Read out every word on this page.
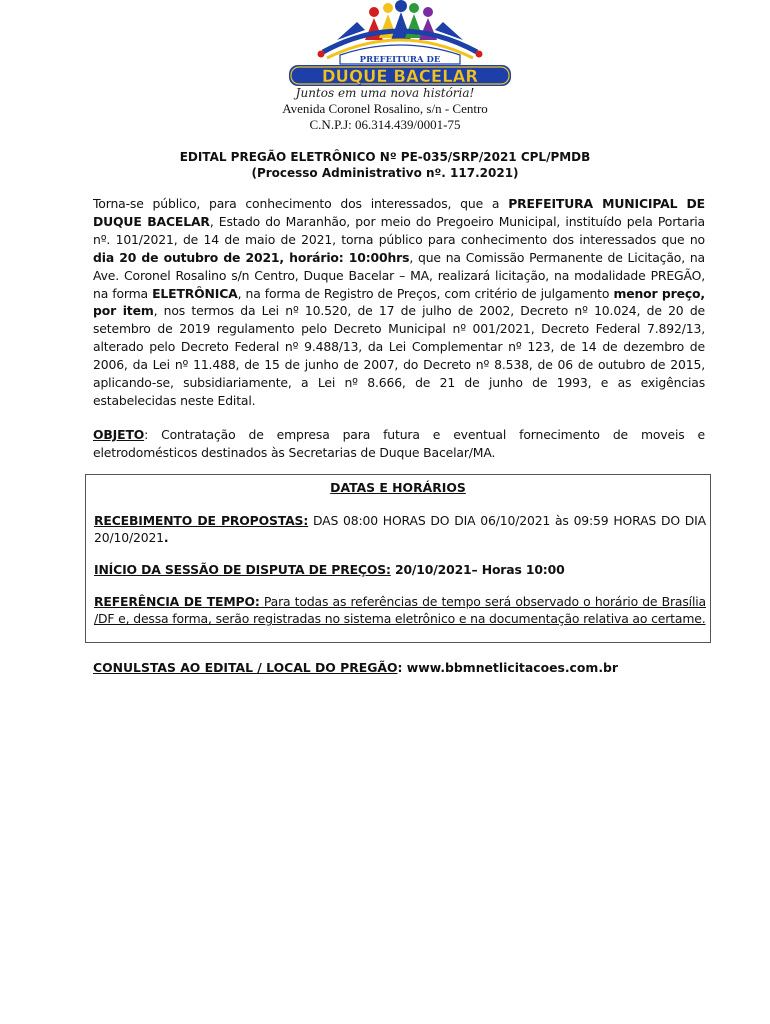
PREFEITURA DE
DUQUE BACELAR
Juntos em uma nova história!
Avenida Coronel Rosalino, s/n - Centro
C.N.P.J: 06.314.439/0001-75
EDITAL PREGÃO ELETRÔNICO Nº PE-035/SRP/2021 CPL/PMDB
(Processo Administrativo nº. 117.2021)
Torna-se público, para conhecimento dos interessados, que a PREFEITURA MUNICIPAL DE DUQUE BACELAR, Estado do Maranhão, por meio do Pregoeiro Municipal, instituído pela Portaria nº. 101/2021, de 14 de maio de 2021, torna público para conhecimento dos interessados que no dia 20 de outubro de 2021, horário: 10:00hrs, que na Comissão Permanente de Licitação, na Ave. Coronel Rosalino s/n Centro, Duque Bacelar – MA, realizará licitação, na modalidade PREGÃO, na forma ELETRÔNICA, na forma de Registro de Preços, com critério de julgamento menor preço, por item, nos termos da Lei nº 10.520, de 17 de julho de 2002, Decreto nº 10.024, de 20 de setembro de 2019 regulamento pelo Decreto Municipal nº 001/2021, Decreto Federal 7.892/13, alterado pelo Decreto Federal nº 9.488/13, da Lei Complementar nº 123, de 14 de dezembro de 2006, da Lei nº 11.488, de 15 de junho de 2007, do Decreto nº 8.538, de 06 de outubro de 2015, aplicando-se, subsidiariamente, a Lei nº 8.666, de 21 de junho de 1993, e as exigências estabelecidas neste Edital.
OBJETO: Contratação de empresa para futura e eventual fornecimento de moveis e eletrodomésticos destinados às Secretarias de Duque Bacelar/MA.
DATAS E HORÁRIOS
RECEBIMENTO DE PROPOSTAS: DAS 08:00 HORAS DO DIA 06/10/2021 às 09:59 HORAS DO DIA 20/10/2021.
INÍCIO DA SESSÃO DE DISPUTA DE PREÇOS: 20/10/2021– Horas 10:00
REFERÊNCIA DE TEMPO: Para todas as referências de tempo será observado o horário de Brasília /DF e, dessa forma, serão registradas no sistema eletrônico e na documentação relativa ao certame.
CONULSTAS AO EDITAL / LOCAL DO PREGÃO: www.bbmnetlicitacoes.com.br
